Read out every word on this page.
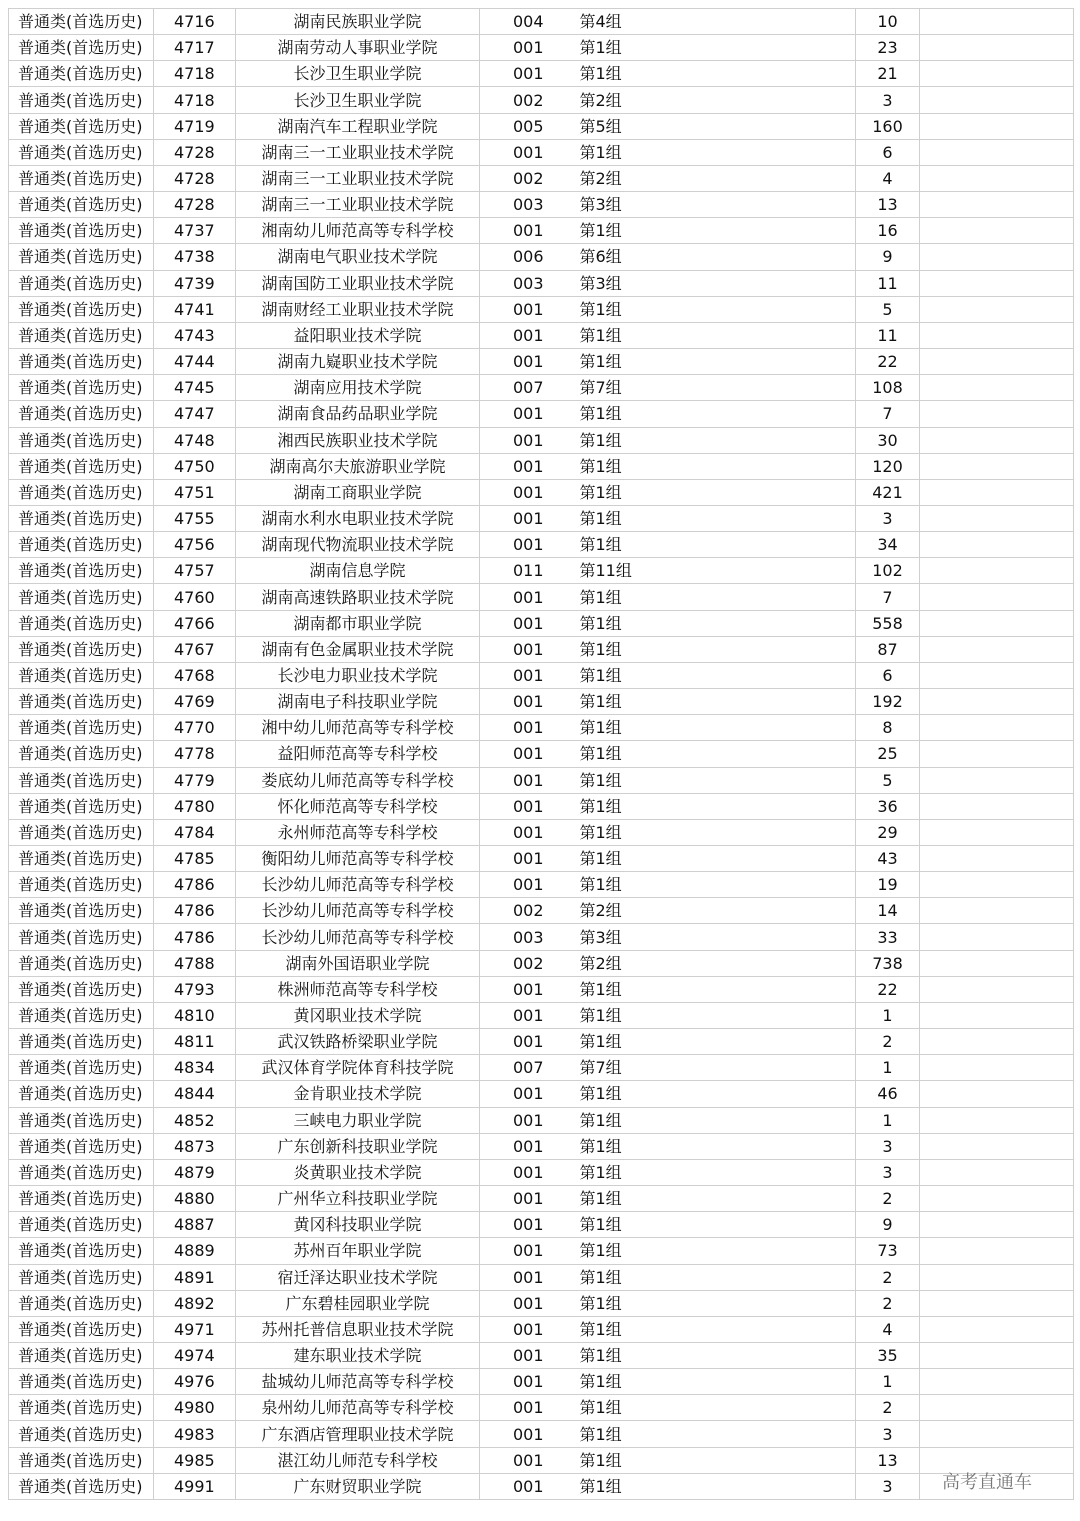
普通类(首选历史)	4716	湖南民族职业学院	004	第4组	10	
普通类(首选历史)	4717	湖南劳动人事职业学院	001	第1组	23	
普通类(首选历史)	4718	长沙卫生职业学院	001	第1组	21	
普通类(首选历史)	4718	长沙卫生职业学院	002	第2组	3	
普通类(首选历史)	4719	湖南汽车工程职业学院	005	第5组	160	
普通类(首选历史)	4728	湖南三一工业职业技术学院	001	第1组	6	
普通类(首选历史)	4728	湖南三一工业职业技术学院	002	第2组	4	
普通类(首选历史)	4728	湖南三一工业职业技术学院	003	第3组	13	
普通类(首选历史)	4737	湘南幼儿师范高等专科学校	001	第1组	16	
普通类(首选历史)	4738	湖南电气职业技术学院	006	第6组	9	
普通类(首选历史)	4739	湖南国防工业职业技术学院	003	第3组	11	
普通类(首选历史)	4741	湖南财经工业职业技术学院	001	第1组	5	
普通类(首选历史)	4743	益阳职业技术学院	001	第1组	11	
普通类(首选历史)	4744	湖南九嶷职业技术学院	001	第1组	22	
普通类(首选历史)	4745	湖南应用技术学院	007	第7组	108	
普通类(首选历史)	4747	湖南食品药品职业学院	001	第1组	7	
普通类(首选历史)	4748	湘西民族职业技术学院	001	第1组	30	
普通类(首选历史)	4750	湖南高尔夫旅游职业学院	001	第1组	120	
普通类(首选历史)	4751	湖南工商职业学院	001	第1组	421	
普通类(首选历史)	4755	湖南水利水电职业技术学院	001	第1组	3	
普通类(首选历史)	4756	湖南现代物流职业技术学院	001	第1组	34	
普通类(首选历史)	4757	湖南信息学院	011	第11组	102	
普通类(首选历史)	4760	湖南高速铁路职业技术学院	001	第1组	7	
普通类(首选历史)	4766	湖南都市职业学院	001	第1组	558	
普通类(首选历史)	4767	湖南有色金属职业技术学院	001	第1组	87	
普通类(首选历史)	4768	长沙电力职业技术学院	001	第1组	6	
普通类(首选历史)	4769	湖南电子科技职业学院	001	第1组	192	
普通类(首选历史)	4770	湘中幼儿师范高等专科学校	001	第1组	8	
普通类(首选历史)	4778	益阳师范高等专科学校	001	第1组	25	
普通类(首选历史)	4779	娄底幼儿师范高等专科学校	001	第1组	5	
普通类(首选历史)	4780	怀化师范高等专科学校	001	第1组	36	
普通类(首选历史)	4784	永州师范高等专科学校	001	第1组	29	
普通类(首选历史)	4785	衡阳幼儿师范高等专科学校	001	第1组	43	
普通类(首选历史)	4786	长沙幼儿师范高等专科学校	001	第1组	19	
普通类(首选历史)	4786	长沙幼儿师范高等专科学校	002	第2组	14	
普通类(首选历史)	4786	长沙幼儿师范高等专科学校	003	第3组	33	
普通类(首选历史)	4788	湖南外国语职业学院	002	第2组	738	
普通类(首选历史)	4793	株洲师范高等专科学校	001	第1组	22	
普通类(首选历史)	4810	黄冈职业技术学院	001	第1组	1	
普通类(首选历史)	4811	武汉铁路桥梁职业学院	001	第1组	2	
普通类(首选历史)	4834	武汉体育学院体育科技学院	007	第7组	1	
普通类(首选历史)	4844	金肯职业技术学院	001	第1组	46	
普通类(首选历史)	4852	三峡电力职业学院	001	第1组	1	
普通类(首选历史)	4873	广东创新科技职业学院	001	第1组	3	
普通类(首选历史)	4879	炎黄职业技术学院	001	第1组	3	
普通类(首选历史)	4880	广州华立科技职业学院	001	第1组	2	
普通类(首选历史)	4887	黄冈科技职业学院	001	第1组	9	
普通类(首选历史)	4889	苏州百年职业学院	001	第1组	73	
普通类(首选历史)	4891	宿迁泽达职业技术学院	001	第1组	2	
普通类(首选历史)	4892	广东碧桂园职业学院	001	第1组	2	
普通类(首选历史)	4971	苏州托普信息职业技术学院	001	第1组	4	
普通类(首选历史)	4974	建东职业技术学院	001	第1组	35	
普通类(首选历史)	4976	盐城幼儿师范高等专科学校	001	第1组	1	
普通类(首选历史)	4980	泉州幼儿师范高等专科学校	001	第1组	2	
普通类(首选历史)	4983	广东酒店管理职业技术学院	001	第1组	3	
普通类(首选历史)	4985	湛江幼儿师范专科学校	001	第1组	13	
普通类(首选历史)	4991	广东财贸职业学院	001	第1组	3		高考直通车
